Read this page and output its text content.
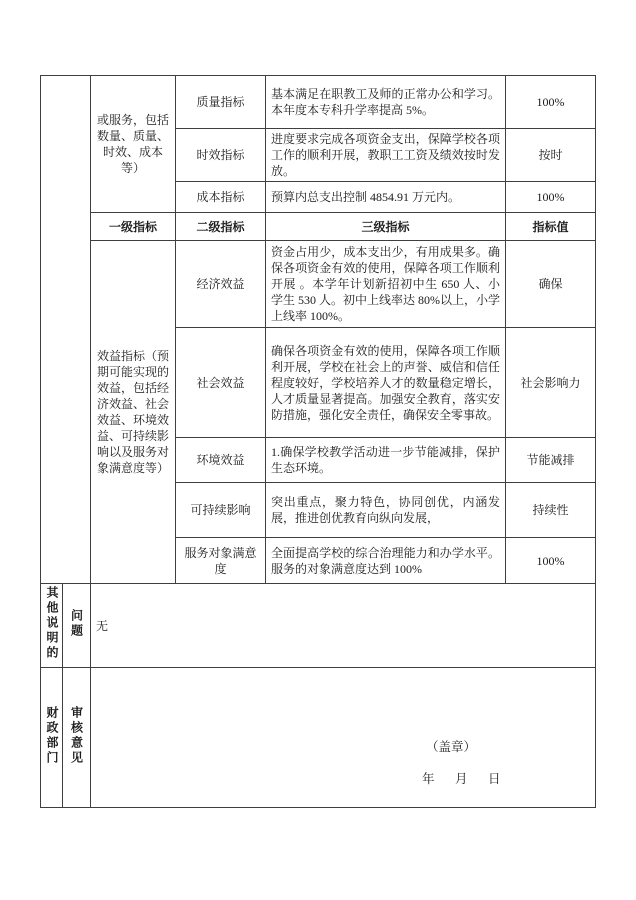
		或服务，包括数量、质量、时效、成本等）	质量指标	基本满足在职教工及师的正常办公和学习。本年度本专科升学率提高 5%。	100%
			时效指标	进度要求完成各项资金支出，保障学校各项工作的顺利开展，教职工工资及绩效按时发放。	按时
			成本指标	预算内总支出控制 4854.91 万元内。	100%
		一级指标	二级指标	三级指标	指标值
		效益指标（预期可能实现的效益，包括经济效益、社会效益、环境效益、可持续影响以及服务对象满意度等）	经济效益	资金占用少，成本支出少，有用成果多。确保各项资金有效的使用，保障各项工作顺利开展 。本学年计划新招初中生 650 人、小学生 530 人。初中上线率达 80%以上，小学上线率 100%。	确保
			社会效益	确保各项资金有效的使用，保障各项工作顺利开展，学校在社会上的声誉、威信和信任程度较好，学校培养人才的数量稳定增长，人才质量显著提高。加强安全教育，落实安防措施，强化安全责任，确保安全零事故。	社会影响力
			环境效益	1.确保学校教学活动进一步节能减排，保护生态环境。	节能减排
			可持续影响	突出重点，聚力特色，协同创优，内涵发展，推进创优教育向纵向发展，	持续性
			服务对象满意度	全面提高学校的综合治理能力和办学水平。服务的对象满意度达到 100%	100%
其他说明的	问题	无			
财政部门	审核意见	（盖章）
年　月　日			
